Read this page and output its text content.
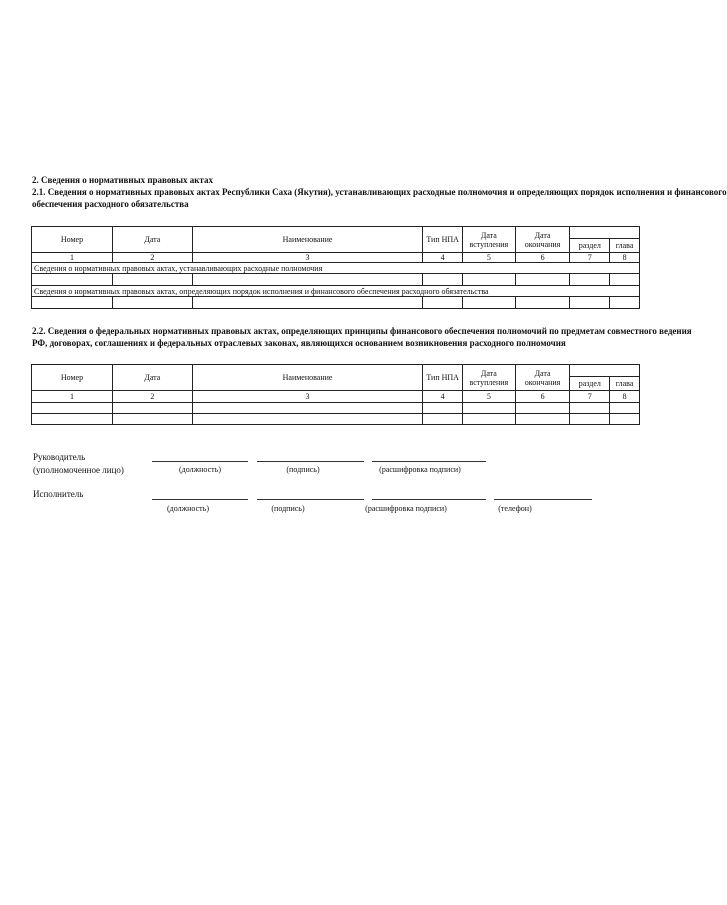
2. Сведения о нормативных правовых актах
2.1. Сведения о нормативных правовых актах Республики Саха (Якутия), устанавливающих расходные полномочия и определяющих порядок исполнения и финансового
обеспечения расходного обязательства
Номер	Дата	Наименование	Тип НПА	Дата вступления	Дата окончания		
						раздел	глава
1	2	3	4	5	6	7	8
Сведения о нормативных правовых актах, устанавливающих расходные полномочия							

Сведения о нормативных правовых актах, определяющих порядок исполнения и финансового обеспечения расходного обязательства							

2.2. Сведения о федеральных нормативных правовых актах, определяющих принципы финансового обеспечения полномочий по предметам совместного ведения
РФ, договорах, соглашениях и федеральных отраслевых законах, являющихся основанием возникновения расходного полномочия
Номер	Дата	Наименование	Тип НПА	Дата вступления	Дата окончания		
						раздел	глава
1	2	3	4	5	6	7	8

Руководитель
(уполномоченное лицо)	(должность)	(подпись)	(расшифровка подписи)
Исполнитель
(должность)	(подпись)	(расшифровка подписи)	(телефон)
